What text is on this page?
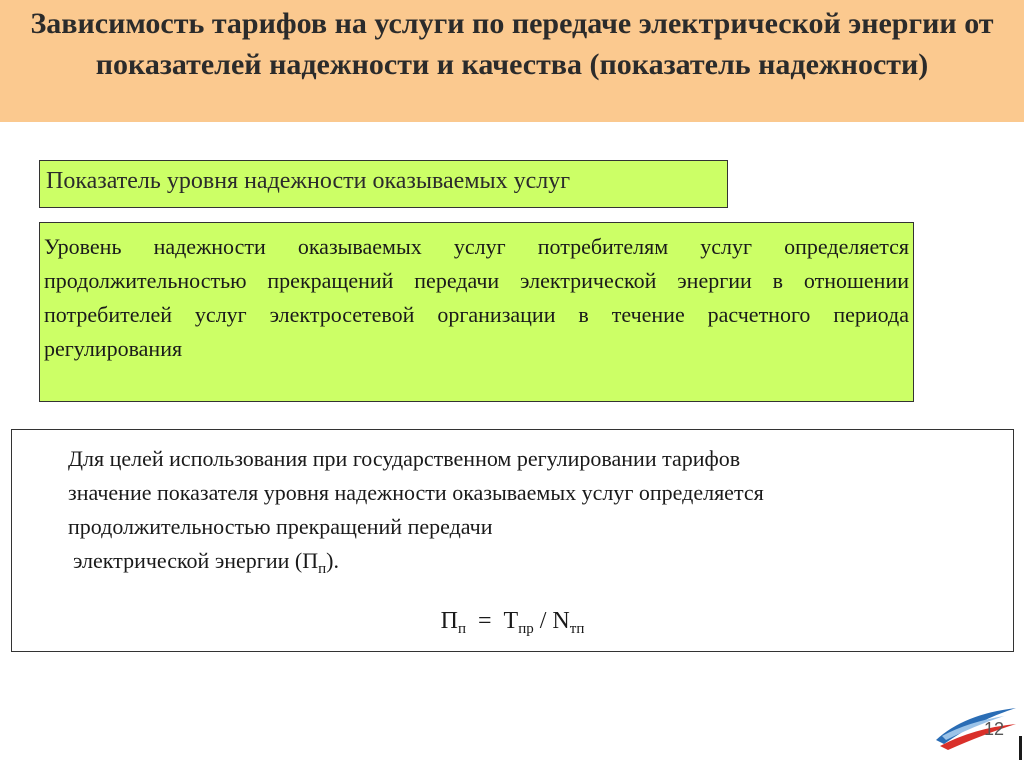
Зависимость тарифов на услуги по передаче электрической энергии от показателей надежности и качества (показатель надежности)
Показатель уровня надежности оказываемых услуг
Уровень надежности оказываемых услуг потребителям услуг определяется продолжительностью прекращений передачи электрической энергии в отношении потребителей услуг электросетевой организации в течение расчетного периода регулирования
Для целей использования при государственном регулировании тарифов
значение показателя уровня надежности оказываемых услуг определяется
продолжительностью прекращений передачи
электрической энергии $(П_п)$.
$П_п = Т_{пр} / N_{тп}$
12
